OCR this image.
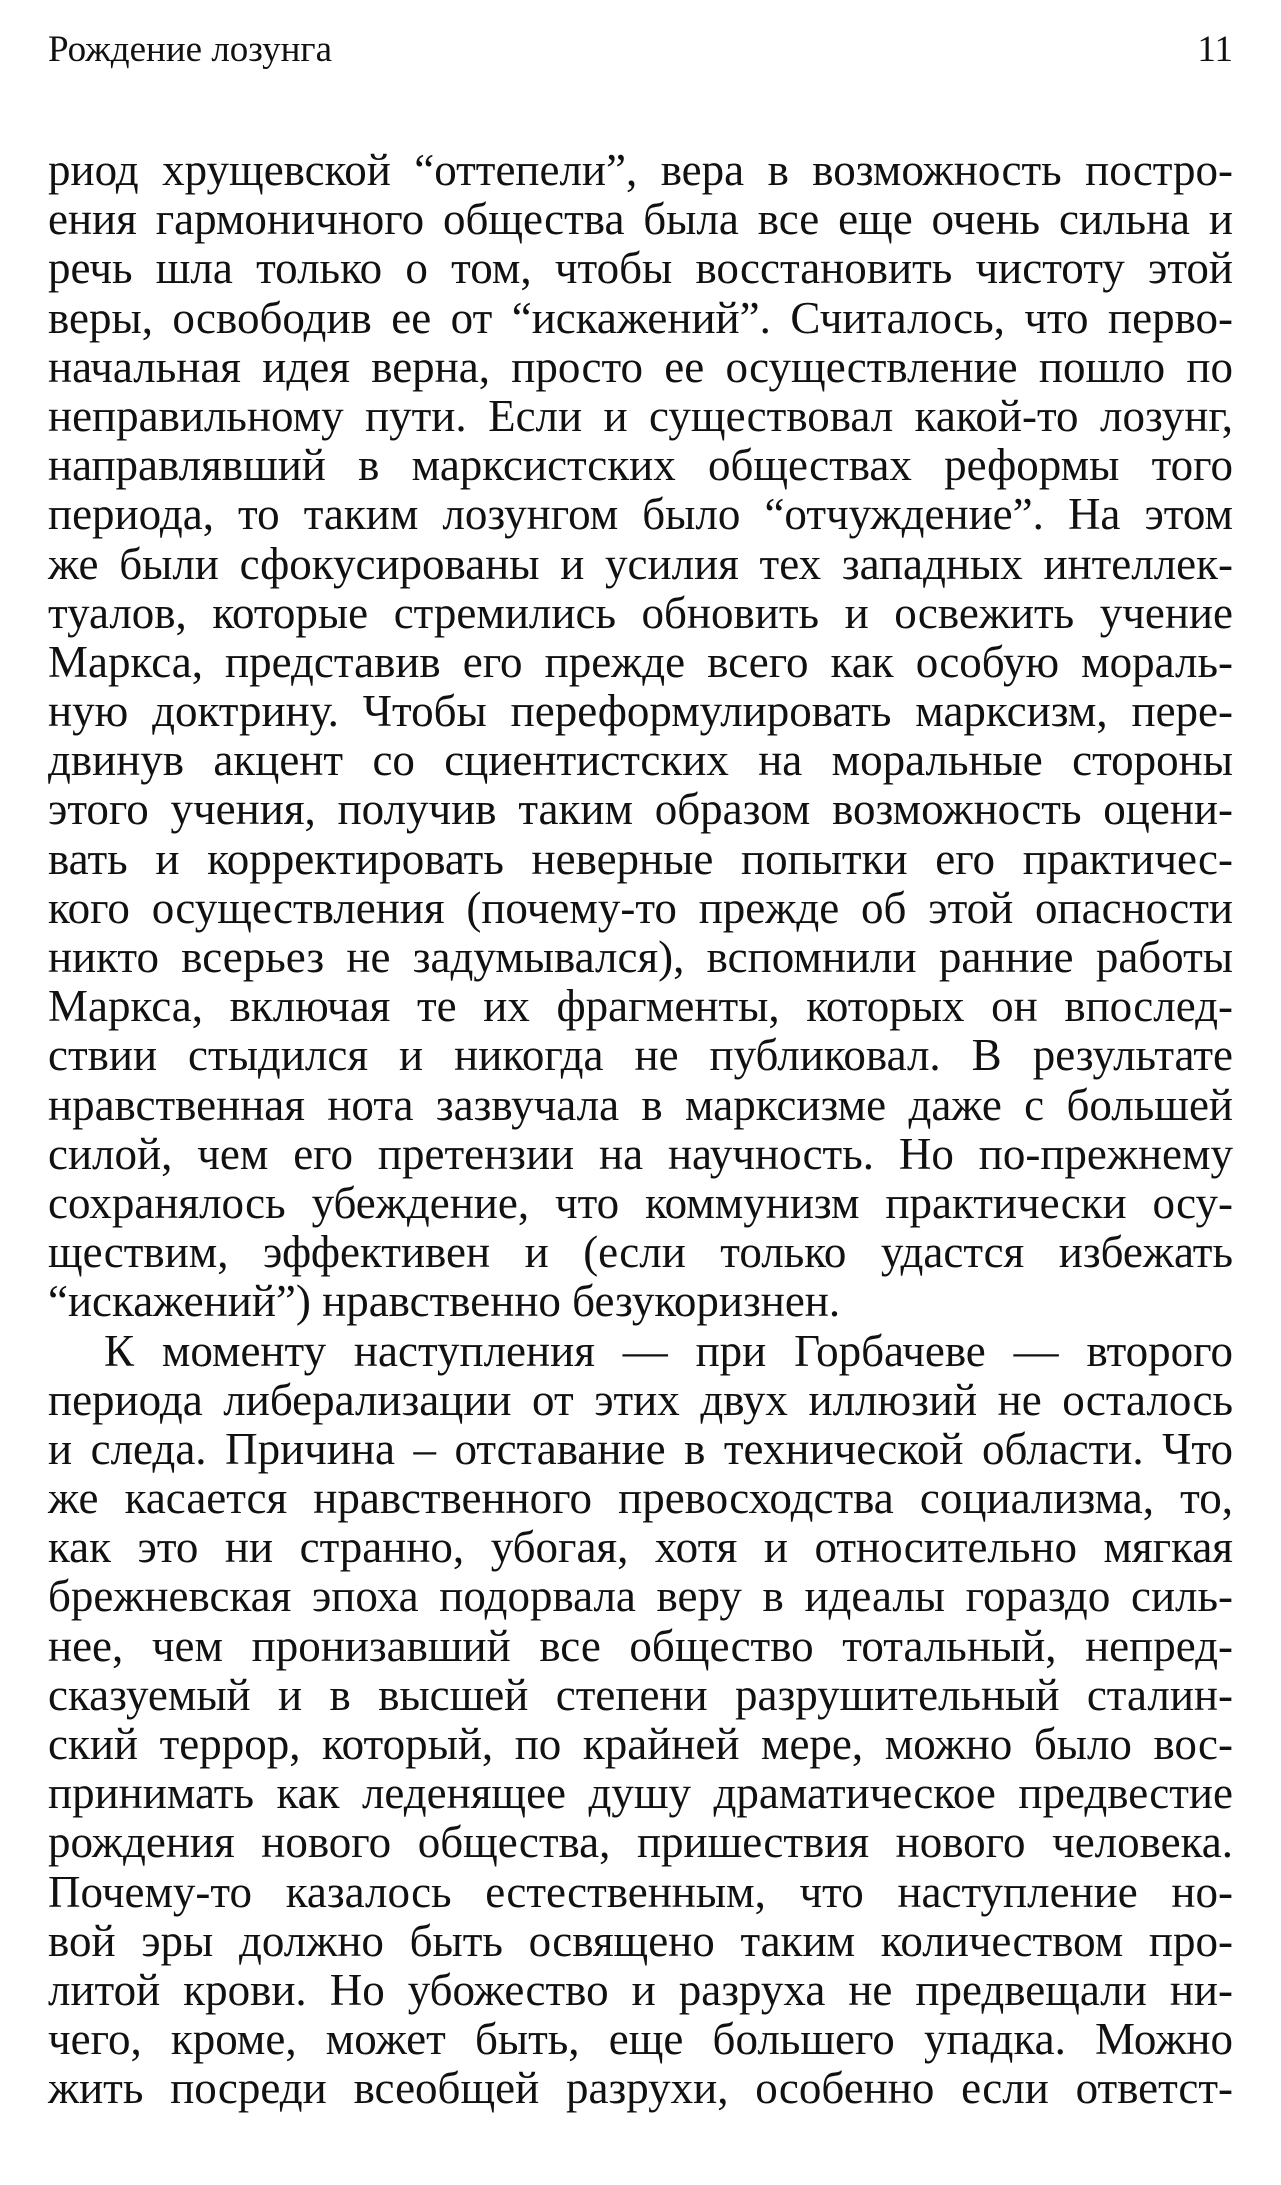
Рождение лозунга	11
риод хрущевской “оттепели”, вера в возможность постро-
ения гармоничного общества была все еще очень сильна и
речь шла только о том, чтобы восстановить чистоту этой
веры, освободив ее от “искажений”. Считалось, что перво-
начальная идея верна, просто ее осуществление пошло по
неправильному пути. Если и существовал какой-то лозунг,
направлявший в марксистских обществах реформы того
периода, то таким лозунгом было “отчуждение”. На этом
же были сфокусированы и усилия тех западных интеллек-
туалов, которые стремились обновить и освежить учение
Маркса, представив его прежде всего как особую мораль-
ную доктрину. Чтобы переформулировать марксизм, пере-
двинув акцент со сциентистских на моральные стороны
этого учения, получив таким образом возможность оцени-
вать и корректировать неверные попытки его практичес-
кого осуществления (почему-то прежде об этой опасности
никто всерьез не задумывался), вспомнили ранние работы
Маркса, включая те их фрагменты, которых он впослед-
ствии стыдился и никогда не публиковал. В результате
нравственная нота зазвучала в марксизме даже с большей
силой, чем его претензии на научность. Но по-прежнему
сохранялось убеждение, что коммунизм практически осу-
ществим, эффективен и (если только удастся избежать
“искажений”) нравственно безукоризнен.
К моменту наступления — при Горбачеве — второго
периода либерализации от этих двух иллюзий не осталось
и следа. Причина – отставание в технической области. Что
же касается нравственного превосходства социализма, то,
как это ни странно, убогая, хотя и относительно мягкая
брежневская эпоха подорвала веру в идеалы гораздо силь-
нее, чем пронизавший все общество тотальный, непред-
сказуемый и в высшей степени разрушительный сталин-
ский террор, который, по крайней мере, можно было вос-
принимать как леденящее душу драматическое предвестие
рождения нового общества, пришествия нового человека.
Почему-то казалось естественным, что наступление но-
вой эры должно быть освящено таким количеством про-
литой крови. Но убожество и разруха не предвещали ни-
чего, кроме, может быть, еще большего упадка. Можно
жить посреди всеобщей разрухи, особенно если ответст-
